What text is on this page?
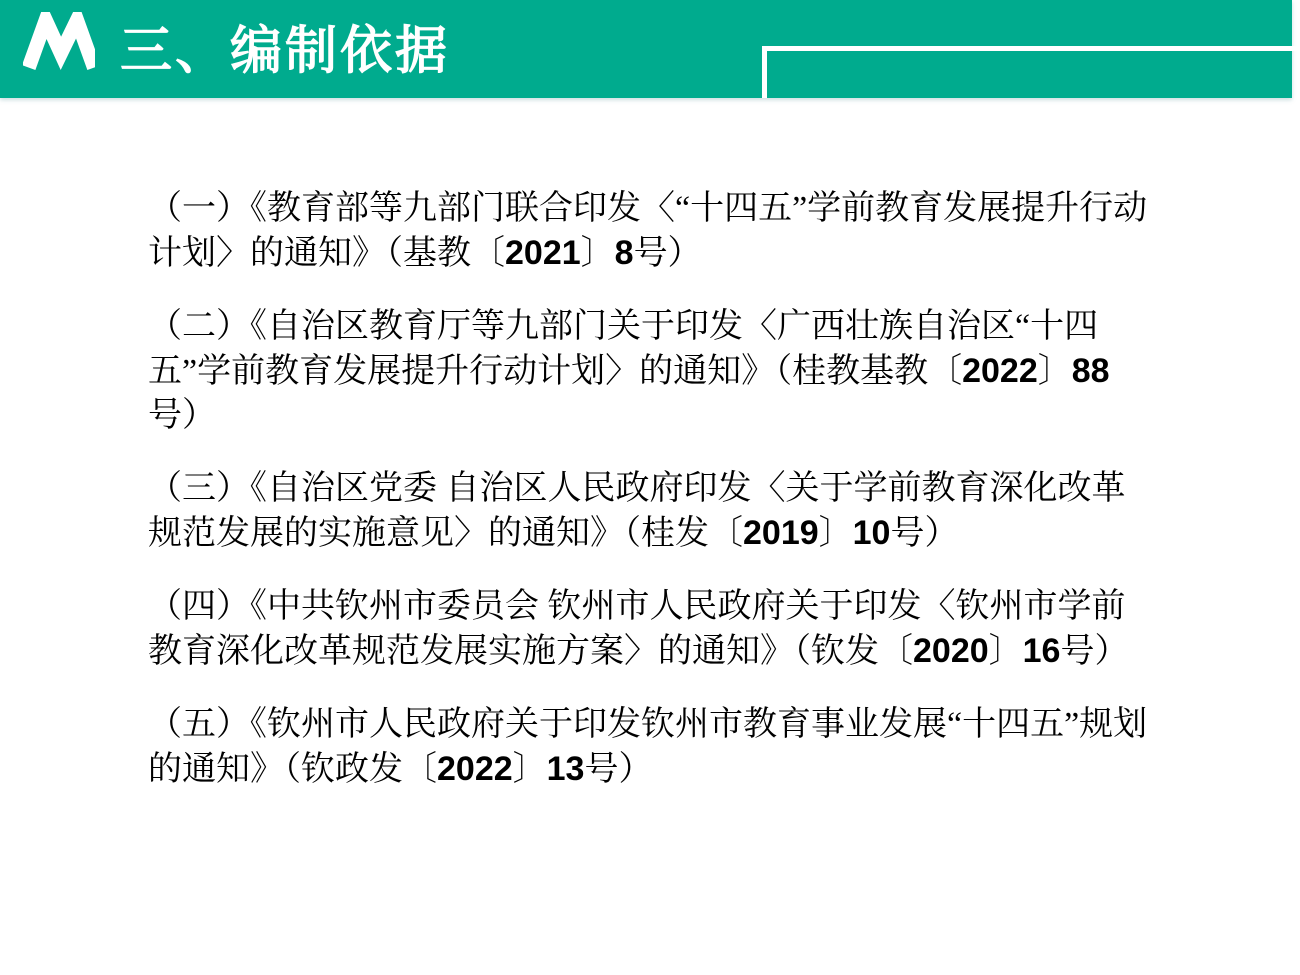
三、编制依据

（一）《教育部等九部门联合印发〈“十四五”学前教育发展提升行动计划〉的通知》（基教〔2021〕8号）

（二）《自治区教育厅等九部门关于印发〈广西壮族自治区“十四五”学前教育发展提升行动计划〉的通知》（桂教基教〔2022〕88号）

（三）《自治区党委 自治区人民政府印发〈关于学前教育深化改革规范发展的实施意见〉的通知》（桂发〔2019〕10号）

（四）《中共钦州市委员会 钦州市人民政府关于印发〈钦州市学前教育深化改革规范发展实施方案〉的通知》（钦发〔2020〕16号）

（五）《钦州市人民政府关于印发钦州市教育事业发展“十四五”规划的通知》（钦政发〔2022〕13号）
